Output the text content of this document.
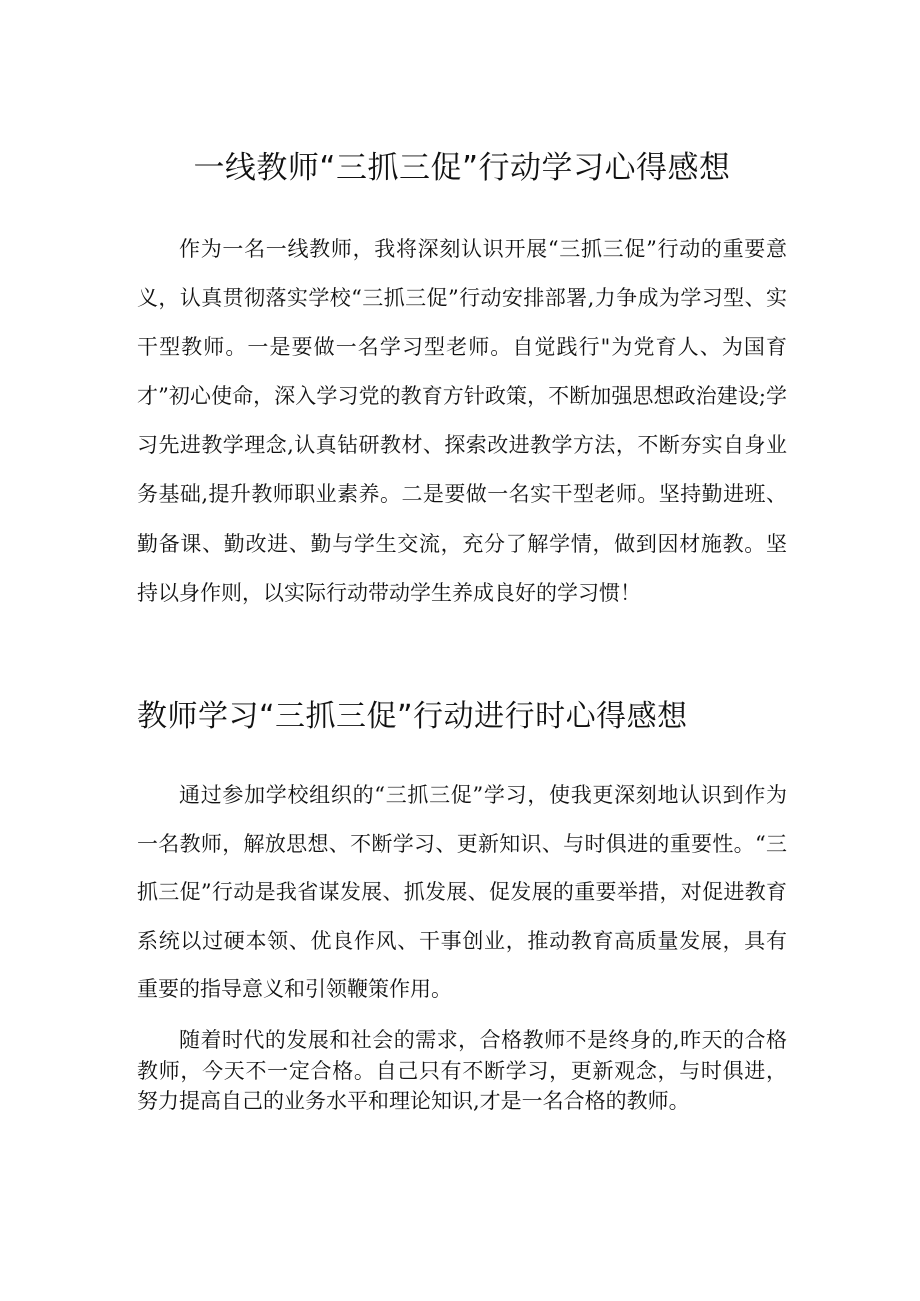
一线教师“三抓三促”行动学习心得感想

作为一名一线教师，我将深刻认识开展“三抓三促”行动的重要意义，认真贯彻落实学校“三抓三促”行动安排部署,力争成为学习型、实干型教师。一是要做一名学习型老师。自觉践行"为党育人、为国育才”初心使命，深入学习党的教育方针政策，不断加强思想政治建设;学习先进教学理念,认真钻研教材、探索改进教学方法，不断夯实自身业务基础,提升教师职业素养。二是要做一名实干型老师。坚持勤进班、勤备课、勤改进、勤与学生交流，充分了解学情，做到因材施教。坚持以身作则，以实际行动带动学生养成良好的学习惯！

教师学习“三抓三促”行动进行时心得感想

通过参加学校组织的“三抓三促”学习，使我更深刻地认识到作为一名教师，解放思想、不断学习、更新知识、与时俱进的重要性。“三抓三促”行动是我省谋发展、抓发展、促发展的重要举措，对促进教育系统以过硬本领、优良作风、干事创业，推动教育高质量发展，具有重要的指导意义和引领鞭策作用。

随着时代的发展和社会的需求，合格教师不是终身的,昨天的合格教师，今天不一定合格。自己只有不断学习，更新观念，与时俱进，努力提高自己的业务水平和理论知识,才是一名合格的教师。
